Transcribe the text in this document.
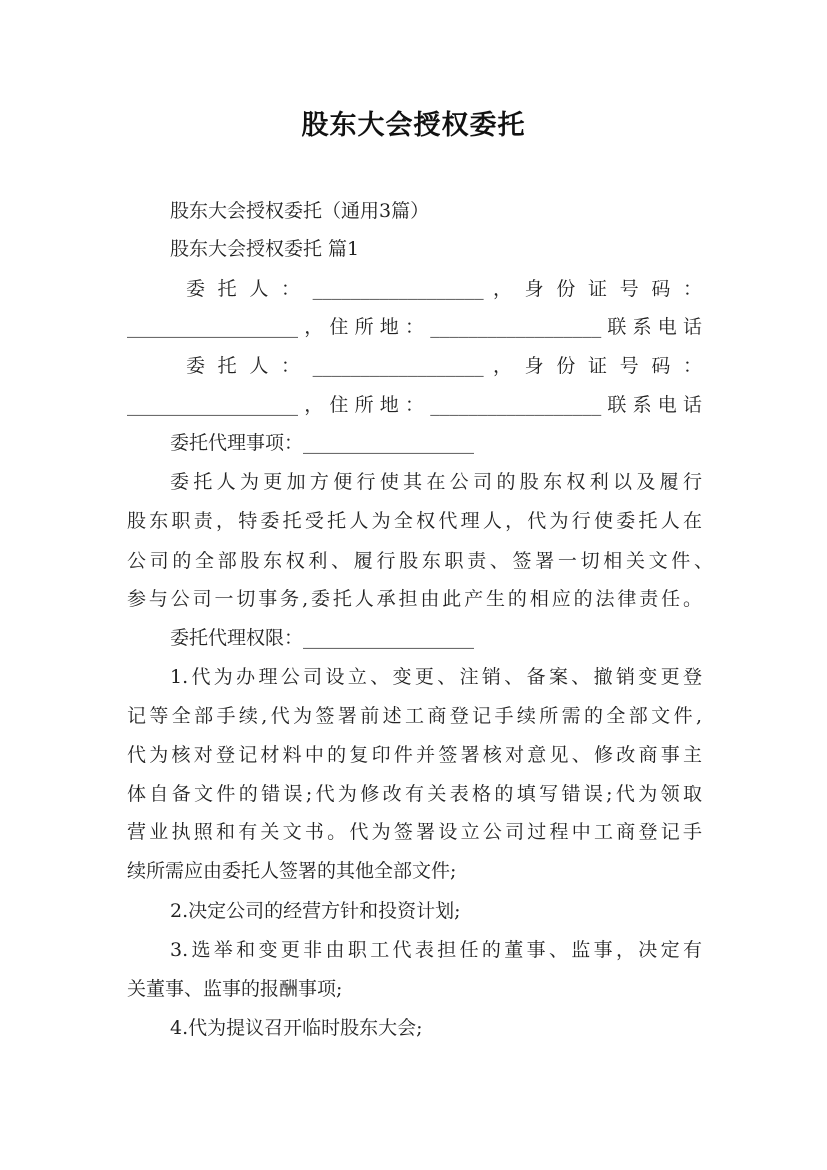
股东大会授权委托
股东大会授权委托（通用3篇）
股东大会授权委托 篇1
委 托 人 ： __________________ ， 身 份 证 号 码 ：
__________________，住所地：__________________联系电话
委 托 人 ： __________________ ， 身 份 证 号 码 ：
__________________，住所地：__________________联系电话
委托代理事项：__________________
委托人为更加方便行使其在公司的股东权利以及履行
股东职责，特委托受托人为全权代理人，代为行使委托人在
公司的全部股东权利、履行股东职责、签署一切相关文件、
参与公司一切事务,委托人承担由此产生的相应的法律责任。
委托代理权限：__________________
1.代为办理公司设立、变更、注销、备案、撤销变更登
记等全部手续,代为签署前述工商登记手续所需的全部文件,
代为核对登记材料中的复印件并签署核对意见、修改商事主
体自备文件的错误;代为修改有关表格的填写错误;代为领取
营业执照和有关文书。代为签署设立公司过程中工商登记手
续所需应由委托人签署的其他全部文件;
2.决定公司的经营方针和投资计划;
3.选举和变更非由职工代表担任的董事、监事，决定有
关董事、监事的报酬事项;
4.代为提议召开临时股东大会;
